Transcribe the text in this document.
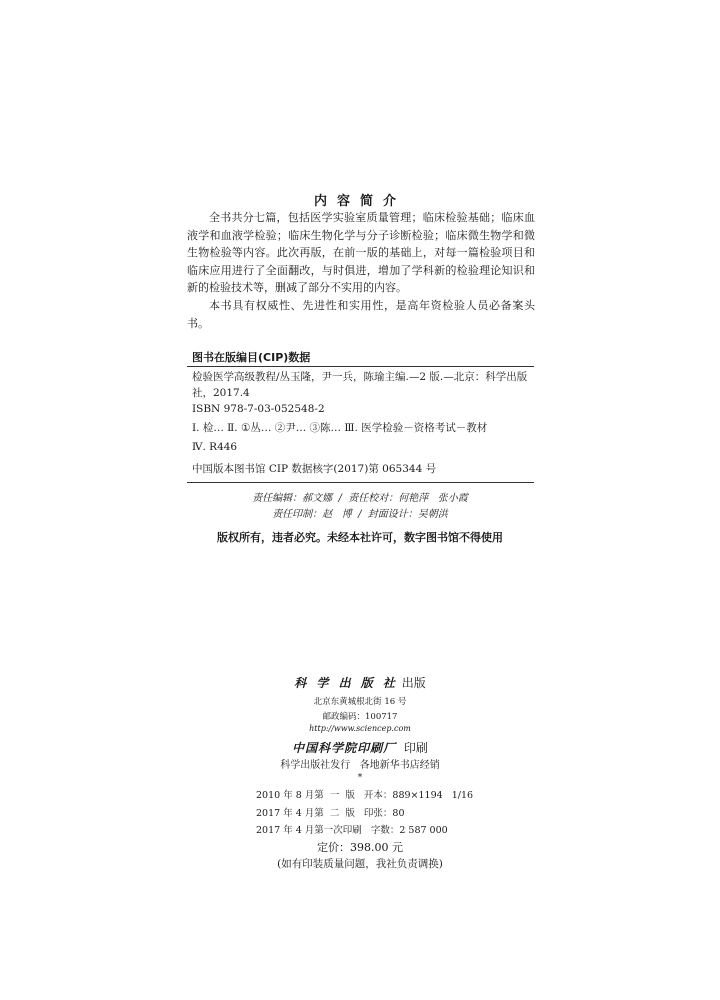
内容简介

全书共分七篇，包括医学实验室质量管理；临床检验基础；临床血液学和血液学检验；临床生物化学与分子诊断检验；临床微生物学和微生物检验等内容。此次再版，在前一版的基础上，对每一篇检验项目和临床应用进行了全面翻改，与时俱进，增加了学科新的检验理论知识和新的检验技术等，删减了部分不实用的内容。

本书具有权威性、先进性和实用性，是高年资检验人员必备案头书。

图书在版编目(CIP)数据
检验医学高级教程/丛玉隆，尹一兵，陈瑜主编.—2 版.—北京：科学出版
社，2017.4
ISBN 978-7-03-052548-2
Ⅰ. 检… Ⅱ. ①丛… ②尹… ③陈… Ⅲ. 医学检验－资格考试－教材
Ⅳ. R446
中国版本图书馆 CIP 数据核字(2017)第 065344 号
责任编辑：郝文娜  /  责任校对：何艳萍   张小霞
责任印制：赵   博  /  封面设计：吴朝洪
版权所有，违者必究。未经本社许可，数字图书馆不得使用
科 学 出 版 社 出版
北京东黄城根北街 16 号
邮政编码：100717
http://www.sciencep.com
中国科学院印刷厂 印刷
科学出版社发行   各地新华书店经销
*
2010 年 8 月第  一  版   开本：889×1194   1/16
2017 年 4 月第  二  版   印张：80
2017 年 4 月第一次印刷   字数：2 587 000
定价：398.00 元
(如有印装质量问题，我社负责调换)
